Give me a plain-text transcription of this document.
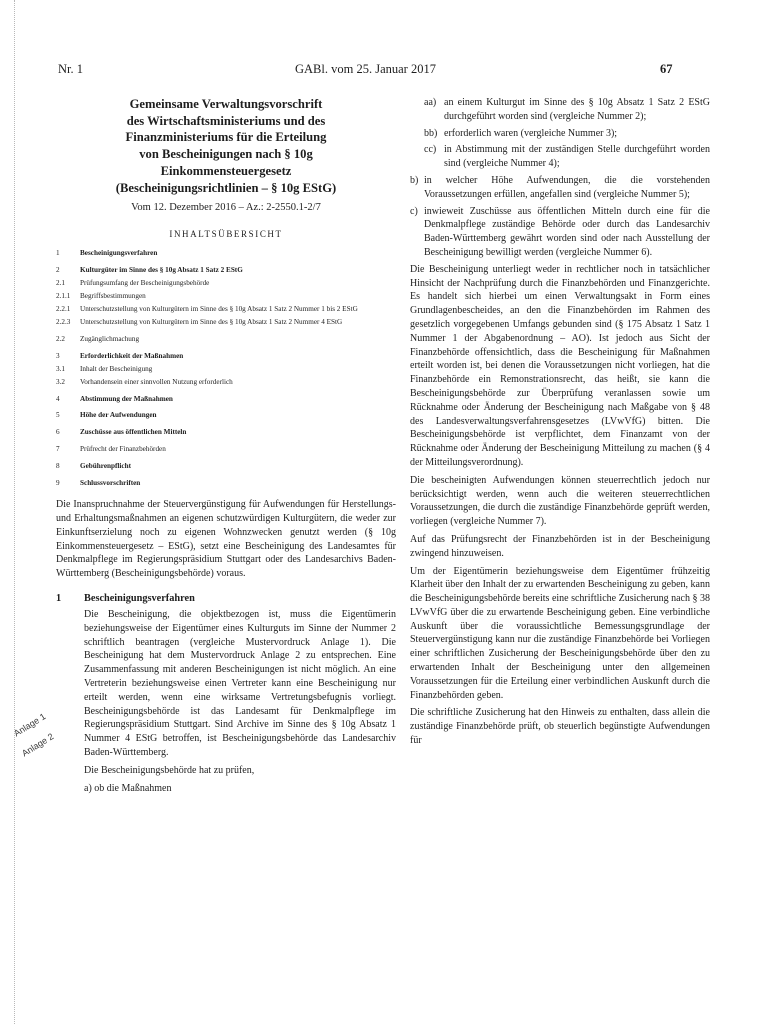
Nr. 1	GABl. vom 25. Januar 2017	67
Anlage 1
Anlage 2
Gemeinsame Verwaltungsvorschrift
des Wirtschaftsministeriums und des
Finanzministeriums für die Erteilung
von Bescheinigungen nach § 10g
Einkommensteuergesetz
(Bescheinigungsrichtlinien – § 10g EStG)
Vom 12. Dezember 2016 – Az.: 2-2550.1-2/7
INHALTSÜBERSICHT
1	Bescheinigungsverfahren
2	Kulturgüter im Sinne des § 10g Absatz 1 Satz 2 EStG
2.1	Prüfungsumfang der Bescheinigungsbehörde
2.1.1	Begriffsbestimmungen
2.2.1	Unterschutzstellung von Kulturgütern im Sinne des § 10g Absatz 1 Satz 2 Nummer 1 bis 2 EStG
2.2.3	Unterschutzstellung von Kulturgütern im Sinne des § 10g Absatz 1 Satz 2 Nummer 4 EStG
2.2	Zugänglichmachung
3	Erforderlichkeit der Maßnahmen
3.1	Inhalt der Bescheinigung
3.2	Vorhandensein einer sinnvollen Nutzung erforderlich
4	Abstimmung der Maßnahmen
5	Höhe der Aufwendungen
6	Zuschüsse aus öffentlichen Mitteln
7	Prüfrecht der Finanzbehörden
8	Gebührenpflicht
9	Schlussvorschriften

Die Inanspruchnahme der Steuervergünstigung für Aufwendungen für Herstellungs- und Erhaltungsmaßnahmen an eigenen schutzwürdigen Kulturgütern, die weder zur Einkunftserzielung noch zu eigenen Wohnzwecken genutzt werden (§ 10g Einkommensteuergesetz – EStG), setzt eine Bescheinigung des Landesamtes für Denkmalpflege im Regierungspräsidium Stuttgart oder des Landesarchivs Baden-Württemberg (Bescheinigungsbehörde) voraus.

1	Bescheinigungsverfahren

Die Bescheinigung, die objektbezogen ist, muss die Eigentümerin beziehungsweise der Eigentümer eines Kulturguts im Sinne der Nummer 2 schriftlich beantragen (vergleiche Mustervordruck Anlage 1). Die Bescheinigung hat dem Mustervordruck Anlage 2 zu entsprechen. Eine Zusammenfassung mit anderen Bescheinigungen ist nicht möglich. An eine Vertreterin beziehungsweise einen Vertreter kann eine Bescheinigung nur erteilt werden, wenn eine wirksame Vertretungsbefugnis vorliegt. Bescheinigungsbehörde ist das Landesamt für Denkmalpflege im Regierungspräsidium Stuttgart. Sind Archive im Sinne des § 10g Absatz 1 Nummer 4 EStG betroffen, ist Bescheinigungsbehörde das Landesarchiv Baden-Württemberg.

Die Bescheinigungsbehörde hat zu prüfen,

a) ob die Maßnahmen

aa) an einem Kulturgut im Sinne des § 10g Absatz 1 Satz 2 EStG durchgeführt worden sind (vergleiche Nummer 2);
bb) erforderlich waren (vergleiche Nummer 3);
cc) in Abstimmung mit der zuständigen Stelle durchgeführt worden sind (vergleiche Nummer 4);
b) in welcher Höhe Aufwendungen, die die vorstehenden Voraussetzungen erfüllen, angefallen sind (vergleiche Nummer 5);
c) inwieweit Zuschüsse aus öffentlichen Mitteln durch eine für die Denkmalpflege zuständige Behörde oder durch das Landesarchiv Baden-Württemberg gewährt worden sind oder nach Ausstellung der Bescheinigung bewilligt werden (vergleiche Nummer 6).

Die Bescheinigung unterliegt weder in rechtlicher noch in tatsächlicher Hinsicht der Nachprüfung durch die Finanzbehörden und Finanzgerichte. Es handelt sich hierbei um einen Verwaltungsakt in Form eines Grundlagenbescheides, an den die Finanzbehörden im Rahmen des gesetzlich vorgegebenen Umfangs gebunden sind (§ 175 Absatz 1 Satz 1 Nummer 1 der Abgabenordnung – AO). Ist jedoch aus Sicht der Finanzbehörde offensichtlich, dass die Bescheinigung für Maßnahmen erteilt worden ist, bei denen die Voraussetzungen nicht vorliegen, hat die Finanzbehörde ein Remonstrationsrecht, das heißt, sie kann die Bescheinigungsbehörde zur Überprüfung veranlassen sowie um Rücknahme oder Änderung der Bescheinigung nach Maßgabe von § 48 des Landesverwaltungsverfahrensgesetzes (LVwVfG) bitten. Die Bescheinigungsbehörde ist verpflichtet, dem Finanzamt von der Rücknahme oder Änderung der Bescheinigung Mitteilung zu machen (§ 4 der Mitteilungsverordnung).

Die bescheinigten Aufwendungen können steuerrechtlich jedoch nur berücksichtigt werden, wenn auch die weiteren steuerrechtlichen Voraussetzungen, die durch die zuständige Finanzbehörde geprüft werden, vorliegen (vergleiche Nummer 7).

Auf das Prüfungsrecht der Finanzbehörden ist in der Bescheinigung zwingend hinzuweisen.

Um der Eigentümerin beziehungsweise dem Eigentümer frühzeitig Klarheit über den Inhalt der zu erwartenden Bescheinigung zu geben, kann die Bescheinigungsbehörde bereits eine schriftliche Zusicherung nach § 38 LVwVfG über die zu erwartende Bescheinigung geben. Eine verbindliche Auskunft über die voraussichtliche Bemessungsgrundlage der Steuervergünstigung kann nur die zuständige Finanzbehörde bei Vorliegen einer schriftlichen Zusicherung der Bescheinigungsbehörde über den zu erwartenden Inhalt der Bescheinigung unter den allgemeinen Voraussetzungen für die Erteilung einer verbindlichen Auskunft durch die Finanzbehörden geben.

Die schriftliche Zusicherung hat den Hinweis zu enthalten, dass allein die zuständige Finanzbehörde prüft, ob steuerlich begünstigte Aufwendungen für
